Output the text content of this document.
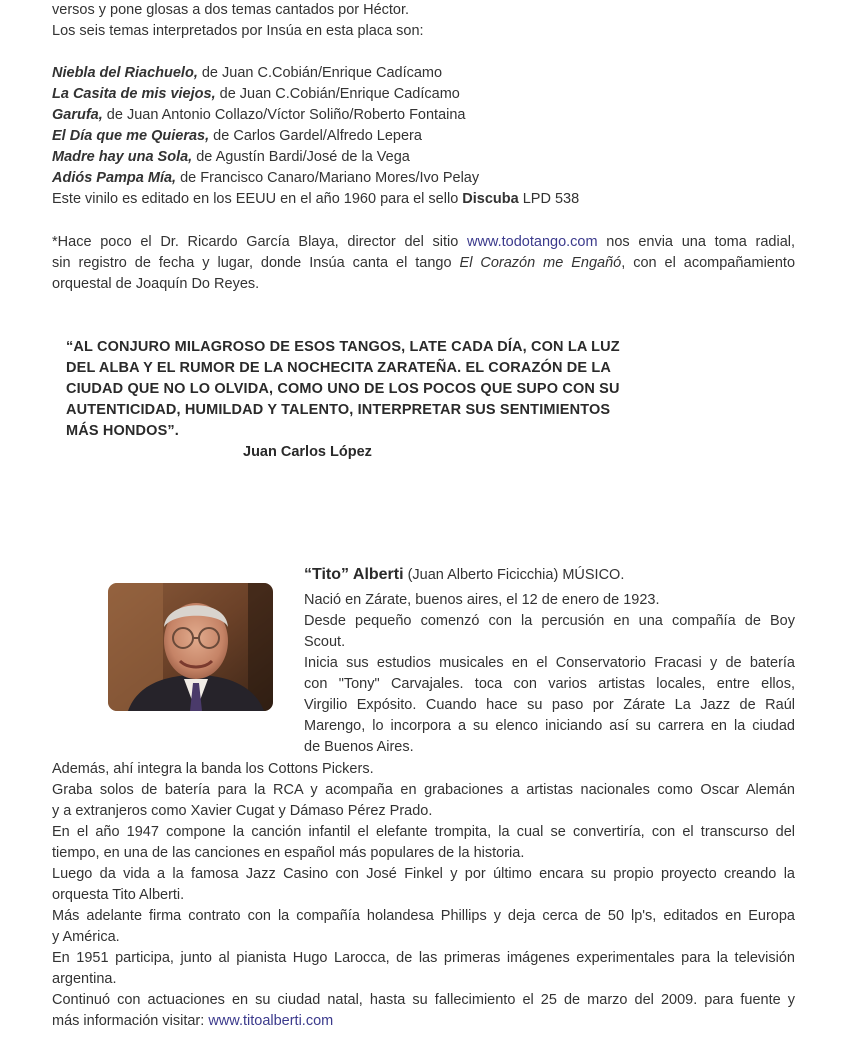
versos y pone glosas a dos temas cantados por Héctor.
Los seis temas interpretados por Insúa en esta placa son:
Niebla del Riachuelo, de Juan C.Cobián/Enrique Cadícamo
La Casita de mis viejos, de Juan C.Cobián/Enrique Cadícamo
Garufa, de Juan Antonio Collazo/Víctor Soliño/Roberto Fontaina
El Día que me Quieras, de Carlos Gardel/Alfredo Lepera
Madre hay una Sola, de Agustín Bardi/José de la Vega
Adiós Pampa Mía, de Francisco Canaro/Mariano Mores/Ivo Pelay
Este vinilo es editado en los EEUU en el año 1960 para el sello Discuba LPD 538
*Hace poco el Dr. Ricardo García Blaya, director del sitio www.todotango.com nos envia una toma radial,
sin registro de fecha y lugar, donde Insúa canta el tango El Corazón me Engañó, con el acompañamiento
orquestal de Joaquín Do Reyes.
“AL CONJURO MILAGROSO DE ESOS TANGOS, LATE CADA DÍA, CON LA LUZ
DEL ALBA Y EL RUMOR DE LA NOCHECITA ZARATEÑA. EL CORAZÓN DE LA
CIUDAD QUE NO LO OLVIDA, COMO UNO DE LOS POCOS QUE SUPO CON SU
AUTENTICIDAD, HUMILDAD Y TALENTO, INTERPRETAR SUS SENTIMIENTOS
MÁS HONDOS”.
Juan Carlos López
“Tito” Alberti (Juan Alberto Ficicchia) MÚSICO.
Nació en Zárate, buenos aires, el 12 de enero de 1923.
Desde pequeño comenzó con la percusión en una compañía de Boy
Scout.
Inicia sus estudios musicales en el Conservatorio Fracasi y de batería
con "Tony" Carvajales. toca con varios artistas locales, entre ellos,
Virgilio Expósito. Cuando hace su paso por Zárate La Jazz de Raúl
Marengo, lo incorpora a su elenco iniciando así su carrera en la ciudad
de Buenos Aires.
Además, ahí integra la banda los Cottons Pickers.
Graba solos de batería para la RCA y acompaña en grabaciones a artistas nacionales como Oscar Alemán
y a extranjeros como Xavier Cugat y Dámaso Pérez Prado.
En el año 1947 compone la canción infantil el elefante trompita, la cual se convertiría, con el transcurso del
tiempo, en una de las canciones en español más populares de la historia.
Luego da vida a la famosa Jazz Casino con José Finkel y por último encara su propio proyecto creando la
orquesta Tito Alberti.
Más adelante firma contrato con la compañía holandesa Phillips y deja cerca de 50 lp's, editados en Europa
y América.
En 1951 participa, junto al pianista Hugo Larocca, de las primeras imágenes experimentales para la televisión
argentina.
Continuó con actuaciones en su ciudad natal, hasta su fallecimiento el 25 de marzo del 2009. para fuente y
más información visitar: www.titoalberti.com
